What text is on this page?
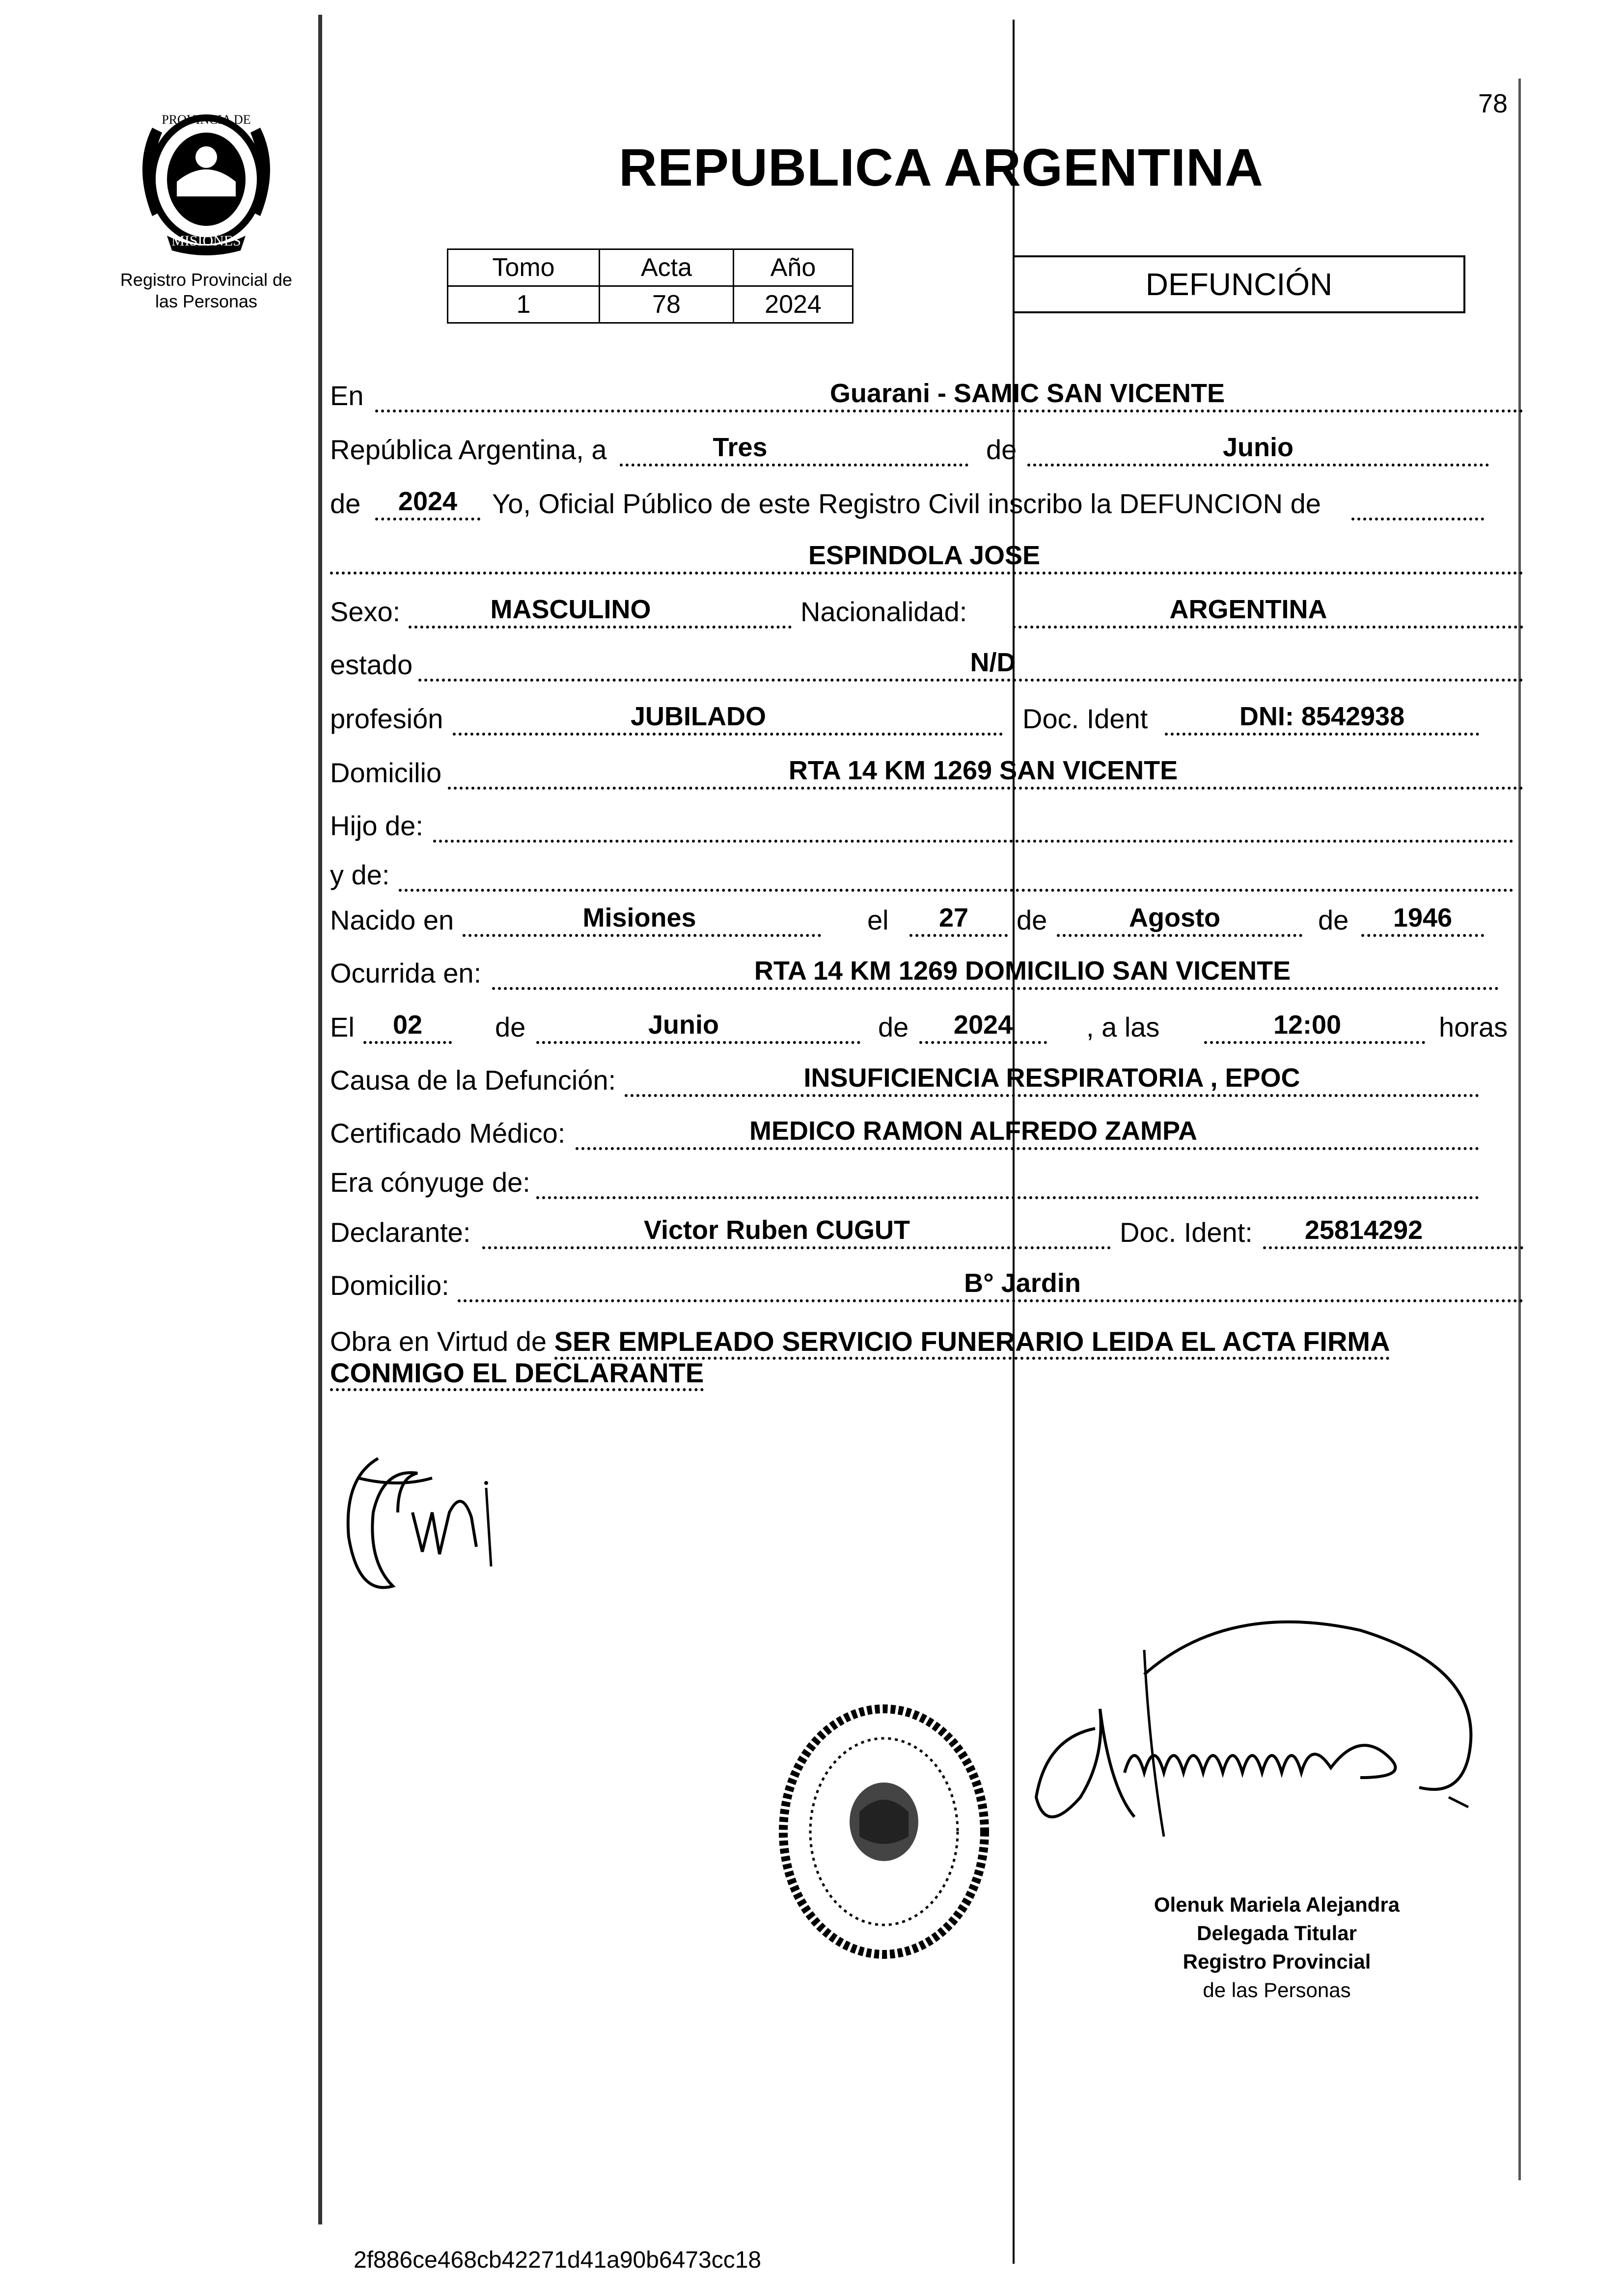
78
PROVINCIA DE
MISIONES
Registro Provincial de
las Personas
REPUBLICA ARGENTINA
Tomo	Acta	Año
1	78	2024
DEFUNCIÓN
En	Guarani - SAMIC SAN VICENTE
República Argentina, a	Tres	de	Junio
de	2024	Yo, Oficial Público de este Registro Civil inscribo la DEFUNCION de
ESPINDOLA JOSE
Sexo:	MASCULINO	Nacionalidad:	ARGENTINA
estado	N/D
profesión	JUBILADO	Doc. Ident	DNI: 8542938
Domicilio	RTA 14 KM 1269 SAN VICENTE
Hijo de:
y de:
Nacido en	Misiones	el	27	de	Agosto	de	1946
Ocurrida en:	RTA 14 KM 1269 DOMICILIO SAN VICENTE
El	02	de	Junio	de	2024	, a las	12:00	horas
Causa de la Defunción:	INSUFICIENCIA RESPIRATORIA , EPOC
Certificado Médico:	MEDICO RAMON ALFREDO ZAMPA
Era cónyuge de:
Declarante:	Victor Ruben CUGUT	Doc. Ident:	25814292
Domicilio:	B° Jardin
Obra en Virtud de SER EMPLEADO SERVICIO FUNERARIO LEIDA EL ACTA FIRMA CONMIGO EL DECLARANTE
Olenuk Mariela Alejandra
Delegada Titular
Registro Provincial
de las Personas
2f886ce468cb42271d41a90b6473cc18
